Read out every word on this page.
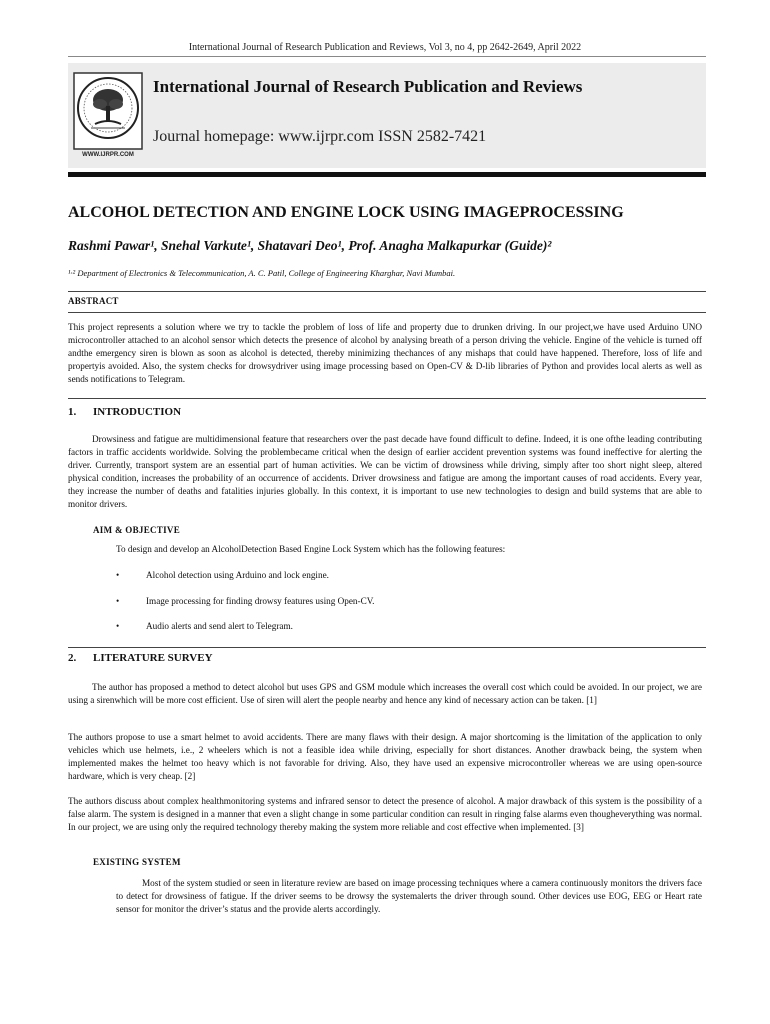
International Journal of Research Publication and Reviews, Vol 3, no 4, pp 2642-2649, April 2022
WWW.IJRPR.COM
International Journal of Research Publication and Reviews
Journal homepage: www.ijrpr.com ISSN 2582-7421
ALCOHOL DETECTION AND ENGINE LOCK USING IMAGEPROCESSING
Rashmi Pawar¹, Snehal Varkute¹, Shatavari Deo¹, Prof. Anagha Malkapurkar (Guide)²
¹·² Department of Electronics & Telecommunication, A. C. Patil, College of Engineering Kharghar, Navi Mumbai.
ABSTRACT
This project represents a solution where we try to tackle the problem of loss of life and property due to drunken driving. In our project,we have used Arduino UNO microcontroller attached to an alcohol sensor which detects the presence of alcohol by analysing breath of a person driving the vehicle. Engine of the vehicle is turned off andthe emergency siren is blown as soon as alcohol is detected, thereby minimizing thechances of any mishaps that could have happened. Therefore, loss of life and propertyis avoided. Also, the system checks for drowsydriver using image processing based on Open-CV & D-lib libraries of Python and provides local alerts as well as sends notifications to Telegram.
1. INTRODUCTION
Drowsiness and fatigue are multidimensional feature that researchers over the past decade have found difficult to define. Indeed, it is one ofthe leading contributing factors in traffic accidents worldwide. Solving the problembecame critical when the design of earlier accident prevention systems was found ineffective for alerting the driver. Currently, transport system are an essential part of human activities. We can be victim of drowsiness while driving, simply after too short night sleep, altered physical condition, increases the probability of an occurrence of accidents. Driver drowsiness and fatigue are among the important causes of road accidents. Every year, they increase the number of deaths and fatalities injuries globally. In this context, it is important to use new technologies to design and build systems that are able to monitor drivers.
AIM & OBJECTIVE
To design and develop an AlcoholDetection Based Engine Lock System which has the following features:
•	Alcohol detection using Arduino and lock engine.
•	Image processing for finding drowsy features using Open-CV.
•	Audio alerts and send alert to Telegram.
2. LITERATURE SURVEY
The author has proposed a method to detect alcohol but uses GPS and GSM module which increases the overall cost which could be avoided. In our project, we are using a sirenwhich will be more cost efficient. Use of siren will alert the people nearby and hence any kind of necessary action can be taken. [1]
The authors propose to use a smart helmet to avoid accidents. There are many flaws with their design. A major shortcoming is the limitation of the application to only vehicles which use helmets, i.e., 2 wheelers which is not a feasible idea while driving, especially for short distances. Another drawback being, the system when implemented makes the helmet too heavy which is not favorable for driving. Also, they have used an expensive microcontroller whereas we are using open-source hardware, which is very cheap. [2]
The authors discuss about complex healthmonitoring systems and infrared sensor to detect the presence of alcohol. A major drawback of this system is the possibility of a false alarm. The system is designed in a manner that even a slight change in some particular condition can result in ringing false alarms even thougheverything was normal. In our project, we are using only the required technology thereby making the system more reliable and cost effective when implemented. [3]
EXISTING SYSTEM
Most of the system studied or seen in literature review are based on image processing techniques where a camera continuously monitors the drivers face to detect for drowsiness of fatigue. If the driver seems to be drowsy the systemalerts the driver through sound. Other devices use EOG, EEG or Heart rate sensor for monitor the driver’s status and the provide alerts accordingly.
